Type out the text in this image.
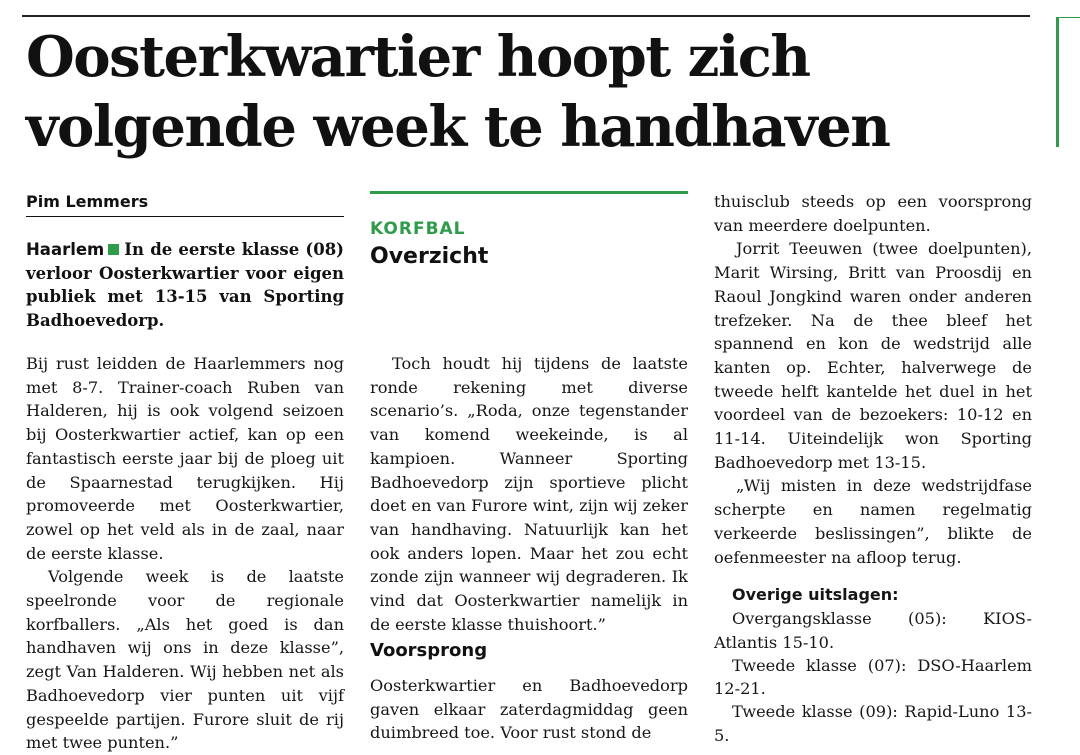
Oosterkwartier hoopt zich
volgende week te handhaven
Pim Lemmers
Haarlem In de eerste klasse (08) verloor Oosterkwartier voor eigen publiek met 13-15 van Sporting Badhoevedorp.

Bij rust leidden de Haarlemmers nog met 8-7. Trainer-coach Ruben van Halderen, hij is ook volgend seizoen bij Oosterkwartier actief, kan op een fantastisch eerste jaar bij de ploeg uit de Spaarnestad terugkijken. Hij promoveerde met Oosterkwartier, zowel op het veld als in de zaal, naar de eerste klasse.

Volgende week is de laatste speelronde voor de regionale korfballers. „Als het goed is dan handhaven wij ons in deze klasse”, zegt Van Halderen. Wij hebben net als Badhoevedorp vier punten uit vijf gespeelde partijen. Furore sluit de rij met twee punten.”

KORFBAL
Overzicht

Toch houdt hij tijdens de laatste ronde rekening met diverse scenario’s. „Roda, onze tegenstander van komend weekeinde, is al kampioen. Wanneer Sporting Badhoevedorp zijn sportieve plicht doet en van Furore wint, zijn wij zeker van handhaving. Natuurlijk kan het ook anders lopen. Maar het zou echt zonde zijn wanneer wij degraderen. Ik vind dat Oosterkwartier namelijk in de eerste klasse thuishoort.”

Voorsprong

Oosterkwartier en Badhoevedorp gaven elkaar zaterdagmiddag geen duimbreed toe. Voor rust stond de

thuisclub steeds op een voorsprong van meerdere doelpunten.

Jorrit Teeuwen (twee doelpunten), Marit Wirsing, Britt van Proosdij en Raoul Jongkind waren onder anderen trefzeker. Na de thee bleef het spannend en kon de wedstrijd alle kanten op. Echter, halverwege de tweede helft kantelde het duel in het voordeel van de bezoekers: 10-12 en 11-14. Uiteindelijk won Sporting Badhoevedorp met 13-15.

„Wij misten in deze wedstrijdfase scherpte en namen regelmatig verkeerde beslissingen”, blikte de oefenmeester na afloop terug.

Overige uitslagen:
Overgangsklasse (05): KIOS-Atlantis 15-10.
Tweede klasse (07): DSO-Haarlem 12-21.
Tweede klasse (09): Rapid-Luno 13-5.
